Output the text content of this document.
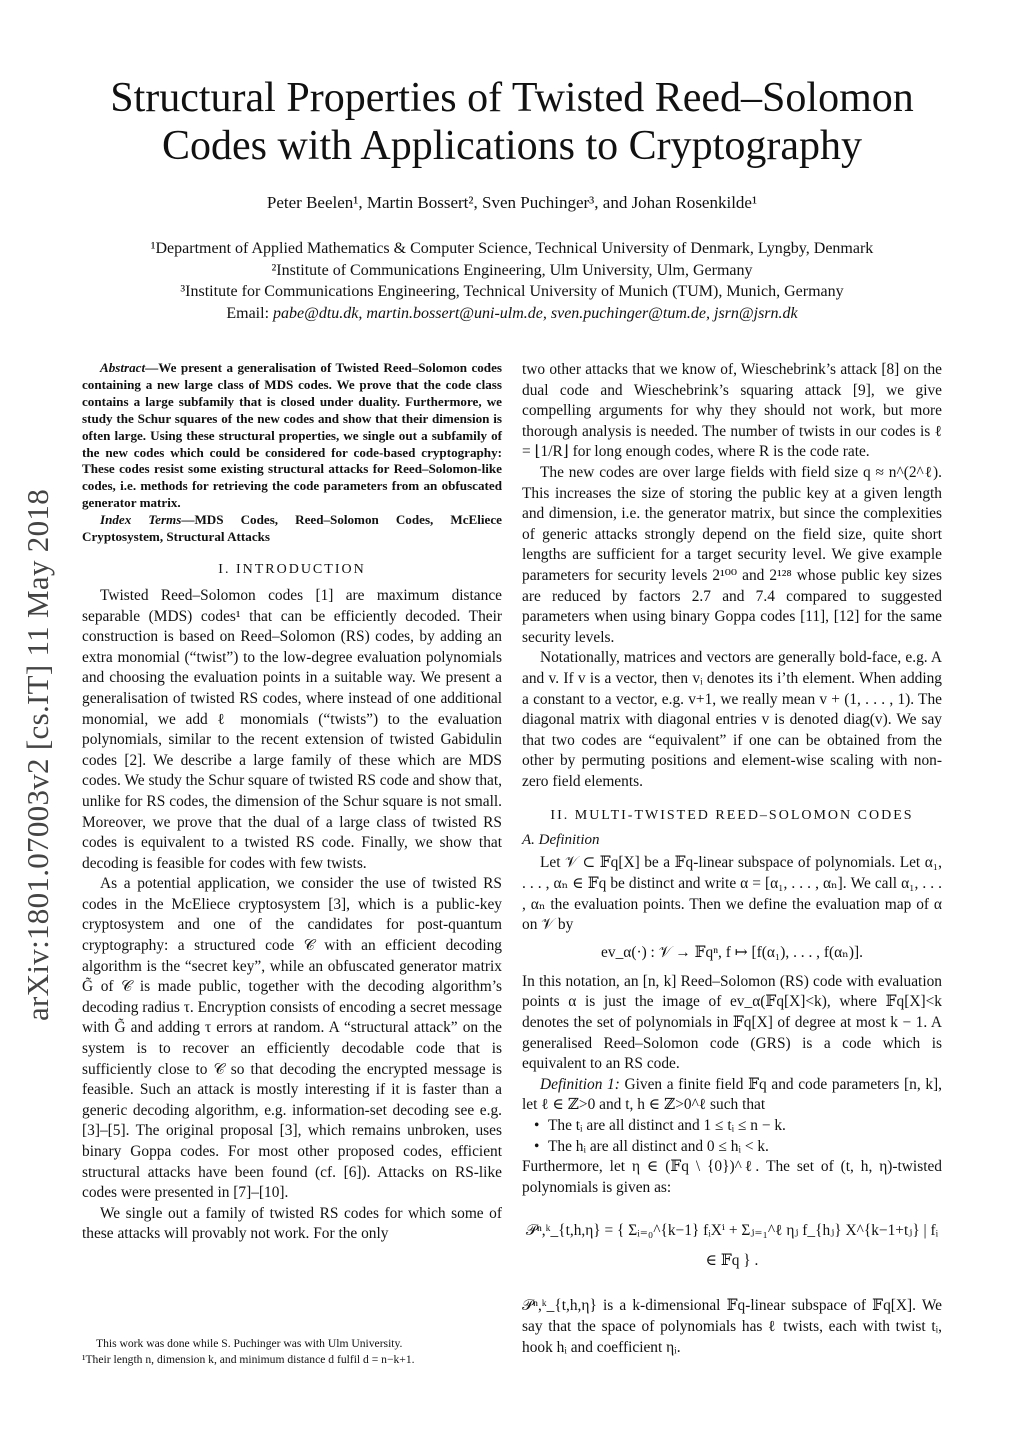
arXiv:1801.07003v2 [cs.IT] 11 May 2018
Structural Properties of Twisted Reed–Solomon
Codes with Applications to Cryptography
Peter Beelen¹, Martin Bossert², Sven Puchinger³, and Johan Rosenkilde¹
¹Department of Applied Mathematics & Computer Science, Technical University of Denmark, Lyngby, Denmark
²Institute of Communications Engineering, Ulm University, Ulm, Germany
³Institute for Communications Engineering, Technical University of Munich (TUM), Munich, Germany
Email: pabe@dtu.dk, martin.bossert@uni-ulm.de, sven.puchinger@tum.de, jsrn@jsrn.dk

Abstract—We present a generalisation of Twisted Reed–Solomon codes containing a new large class of MDS codes. We prove that the code class contains a large subfamily that is closed under duality. Furthermore, we study the Schur squares of the new codes and show that their dimension is often large. Using these structural properties, we single out a subfamily of the new codes which could be considered for code-based cryptography: These codes resist some existing structural attacks for Reed–Solomon-like codes, i.e. methods for retrieving the code parameters from an obfuscated generator matrix.

Index Terms—MDS Codes, Reed–Solomon Codes, McEliece Cryptosystem, Structural Attacks

I. INTRODUCTION

Twisted Reed–Solomon codes [1] are maximum distance separable (MDS) codes¹ that can be efficiently decoded. Their construction is based on Reed–Solomon (RS) codes, by adding an extra monomial (“twist”) to the low-degree evaluation polynomials and choosing the evaluation points in a suitable way. We present a generalisation of twisted RS codes, where instead of one additional monomial, we add ℓ monomials (“twists”) to the evaluation polynomials, similar to the recent extension of twisted Gabidulin codes [2]. We describe a large family of these which are MDS codes. We study the Schur square of twisted RS code and show that, unlike for RS codes, the dimension of the Schur square is not small. Moreover, we prove that the dual of a large class of twisted RS codes is equivalent to a twisted RS code. Finally, we show that decoding is feasible for codes with few twists.

As a potential application, we consider the use of twisted RS codes in the McEliece cryptosystem [3], which is a public-key cryptosystem and one of the candidates for post-quantum cryptography: a structured code 𝒞 with an efficient decoding algorithm is the “secret key”, while an obfuscated generator matrix G̃ of 𝒞 is made public, together with the decoding algorithm’s decoding radius τ. Encryption consists of encoding a secret message with G̃ and adding τ errors at random. A “structural attack” on the system is to recover an efficiently decodable code that is sufficiently close to 𝒞 so that decoding the encrypted message is feasible. Such an attack is mostly interesting if it is faster than a generic decoding algorithm, e.g. information-set decoding see e.g. [3]–[5]. The original proposal [3], which remains unbroken, uses binary Goppa codes. For most other proposed codes, efficient structural attacks have been found (cf. [6]). Attacks on RS-like codes were presented in [7]–[10].

We single out a family of twisted RS codes for which some of these attacks will provably not work. For the only

This work was done while S. Puchinger was with Ulm University.
¹Their length n, dimension k, and minimum distance d fulfil d = n−k+1.

two other attacks that we know of, Wieschebrink’s attack [8] on the dual code and Wieschebrink’s squaring attack [9], we give compelling arguments for why they should not work, but more thorough analysis is needed. The number of twists in our codes is ℓ = ⌊1/R⌋ for long enough codes, where R is the code rate.

The new codes are over large fields with field size q ≈ n^(2^ℓ). This increases the size of storing the public key at a given length and dimension, i.e. the generator matrix, but since the complexities of generic attacks strongly depend on the field size, quite short lengths are sufficient for a target security level. We give example parameters for security levels 2¹⁰⁰ and 2¹²⁸ whose public key sizes are reduced by factors 2.7 and 7.4 compared to suggested parameters when using binary Goppa codes [11], [12] for the same security levels.

Notationally, matrices and vectors are generally bold-face, e.g. A and v. If v is a vector, then vᵢ denotes its i’th element. When adding a constant to a vector, e.g. v+1, we really mean v + (1, . . . , 1). The diagonal matrix with diagonal entries v is denoted diag(v). We say that two codes are “equivalent” if one can be obtained from the other by permuting positions and element-wise scaling with non-zero field elements.

II. MULTI-TWISTED REED–SOLOMON CODES
A. Definition

Let 𝒱 ⊂ 𝔽q[X] be a 𝔽q-linear subspace of polynomials. Let α₁, . . . , αₙ ∈ 𝔽q be distinct and write α = [α₁, . . . , αₙ]. We call α₁, . . . , αₙ the evaluation points. Then we define the evaluation map of α on 𝒱 by

ev_α(·) : 𝒱 → 𝔽qⁿ, f ↦ [f(α₁), . . . , f(αₙ)].

In this notation, an [n, k] Reed–Solomon (RS) code with evaluation points α is just the image of ev_α(𝔽q[X]<k), where 𝔽q[X]<k denotes the set of polynomials in 𝔽q[X] of degree at most k − 1. A generalised Reed–Solomon code (GRS) is a code which is equivalent to an RS code.

Definition 1: Given a finite field 𝔽q and code parameters [n, k], let ℓ ∈ ℤ>0 and t, h ∈ ℤ>0^ℓ such that

• The tᵢ are all distinct and 1 ≤ tᵢ ≤ n − k.
• The hᵢ are all distinct and 0 ≤ hᵢ < k.

Furthermore, let η ∈ (𝔽q \ {0})^ℓ. The set of (t, h, η)-twisted polynomials is given as:

𝒫ⁿ,ᵏ_{t,h,η} = { Σᵢ₌₀^{k−1} fᵢXⁱ + Σⱼ₌₁^ℓ ηⱼ f_{hⱼ} X^{k−1+tⱼ} | fᵢ ∈ 𝔽q } .

𝒫ⁿ,ᵏ_{t,h,η} is a k-dimensional 𝔽q-linear subspace of 𝔽q[X]. We say that the space of polynomials has ℓ twists, each with twist tᵢ, hook hᵢ and coefficient ηᵢ.
